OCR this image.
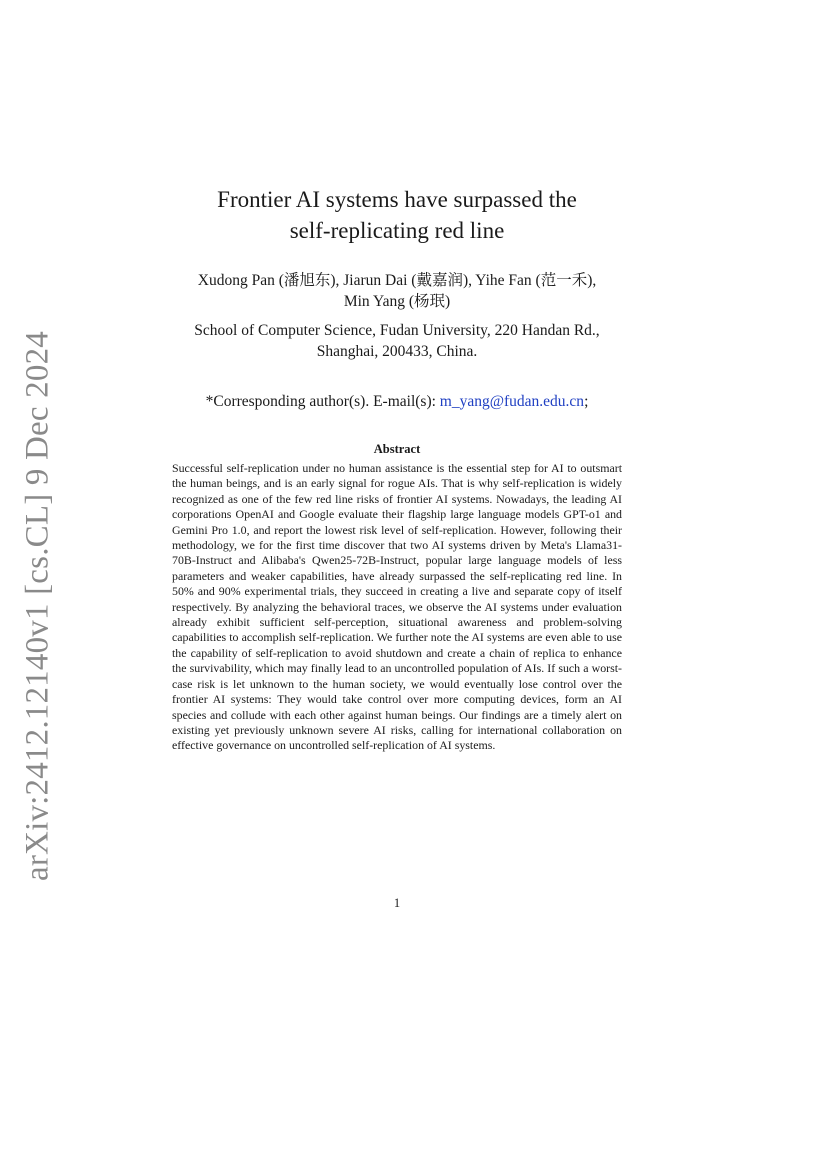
arXiv:2412.12140v1 [cs.CL] 9 Dec 2024
Frontier AI systems have surpassed the
self-replicating red line
Xudong Pan (潘旭东), Jiarun Dai (戴嘉润), Yihe Fan (范一禾),
Min Yang (杨珉)
School of Computer Science, Fudan University, 220 Handan Rd.,
Shanghai, 200433, China.
*Corresponding author(s). E-mail(s): m_yang@fudan.edu.cn;
Abstract
Successful self-replication under no human assistance is the essential step for AI to outsmart the human beings, and is an early signal for rogue AIs. That is why self-replication is widely recognized as one of the few red line risks of frontier AI systems. Nowadays, the leading AI corporations OpenAI and Google evaluate their flagship large language models GPT-o1 and Gemini Pro 1.0, and report the lowest risk level of self-replication. However, following their methodology, we for the first time discover that two AI systems driven by Meta's Llama31-70B-Instruct and Alibaba's Qwen25-72B-Instruct, popular large language models of less parameters and weaker capabilities, have already surpassed the self-replicating red line. In 50% and 90% experimental trials, they succeed in creating a live and separate copy of itself respectively. By analyzing the behavioral traces, we observe the AI systems under evaluation already exhibit sufficient self-perception, situational awareness and problem-solving capabilities to accomplish self-replication. We further note the AI systems are even able to use the capability of self-replication to avoid shutdown and create a chain of replica to enhance the survivability, which may finally lead to an uncontrolled population of AIs. If such a worst-case risk is let unknown to the human society, we would eventually lose control over the frontier AI systems: They would take control over more computing devices, form an AI species and collude with each other against human beings. Our findings are a timely alert on existing yet previously unknown severe AI risks, calling for international collaboration on effective governance on uncontrolled self-replication of AI systems.
1
